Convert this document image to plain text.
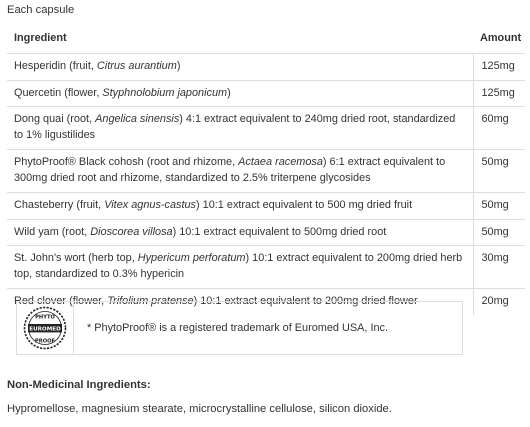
Each capsule
Ingredient	Amount
Hesperidin (fruit, Citrus aurantium)	125mg
Quercetin (flower, Styphnolobium japonicum)	125mg
Dong quai (root, Angelica sinensis) 4:1 extract equivalent to 240mg dried root, standardized to 1% ligustilides	60mg
PhytoProof® Black cohosh (root and rhizome, Actaea racemosa) 6:1 extract equivalent to 300mg dried root and rhizome, standardized to 2.5% triterpene glycosides	50mg
Chasteberry (fruit, Vitex agnus-castus) 10:1 extract equivalent to 500 mg dried fruit	50mg
Wild yam (root, Dioscorea villosa) 10:1 extract equivalent to 500mg dried root	50mg
St. John's wort (herb top, Hypericum perforatum) 10:1 extract equivalent to 200mg dried herb top, standardized to 0.3% hypericin	30mg
Red clover (flower, Trifolium pratense) 10:1 extract equivalent to 200mg dried flower	20mg
PHYTO
EUROMED
PROOF
* PhytoProof® is a registered trademark of Euromed USA, Inc.
Non-Medicinal Ingredients:
Hypromellose, magnesium stearate, microcrystalline cellulose, silicon dioxide.
